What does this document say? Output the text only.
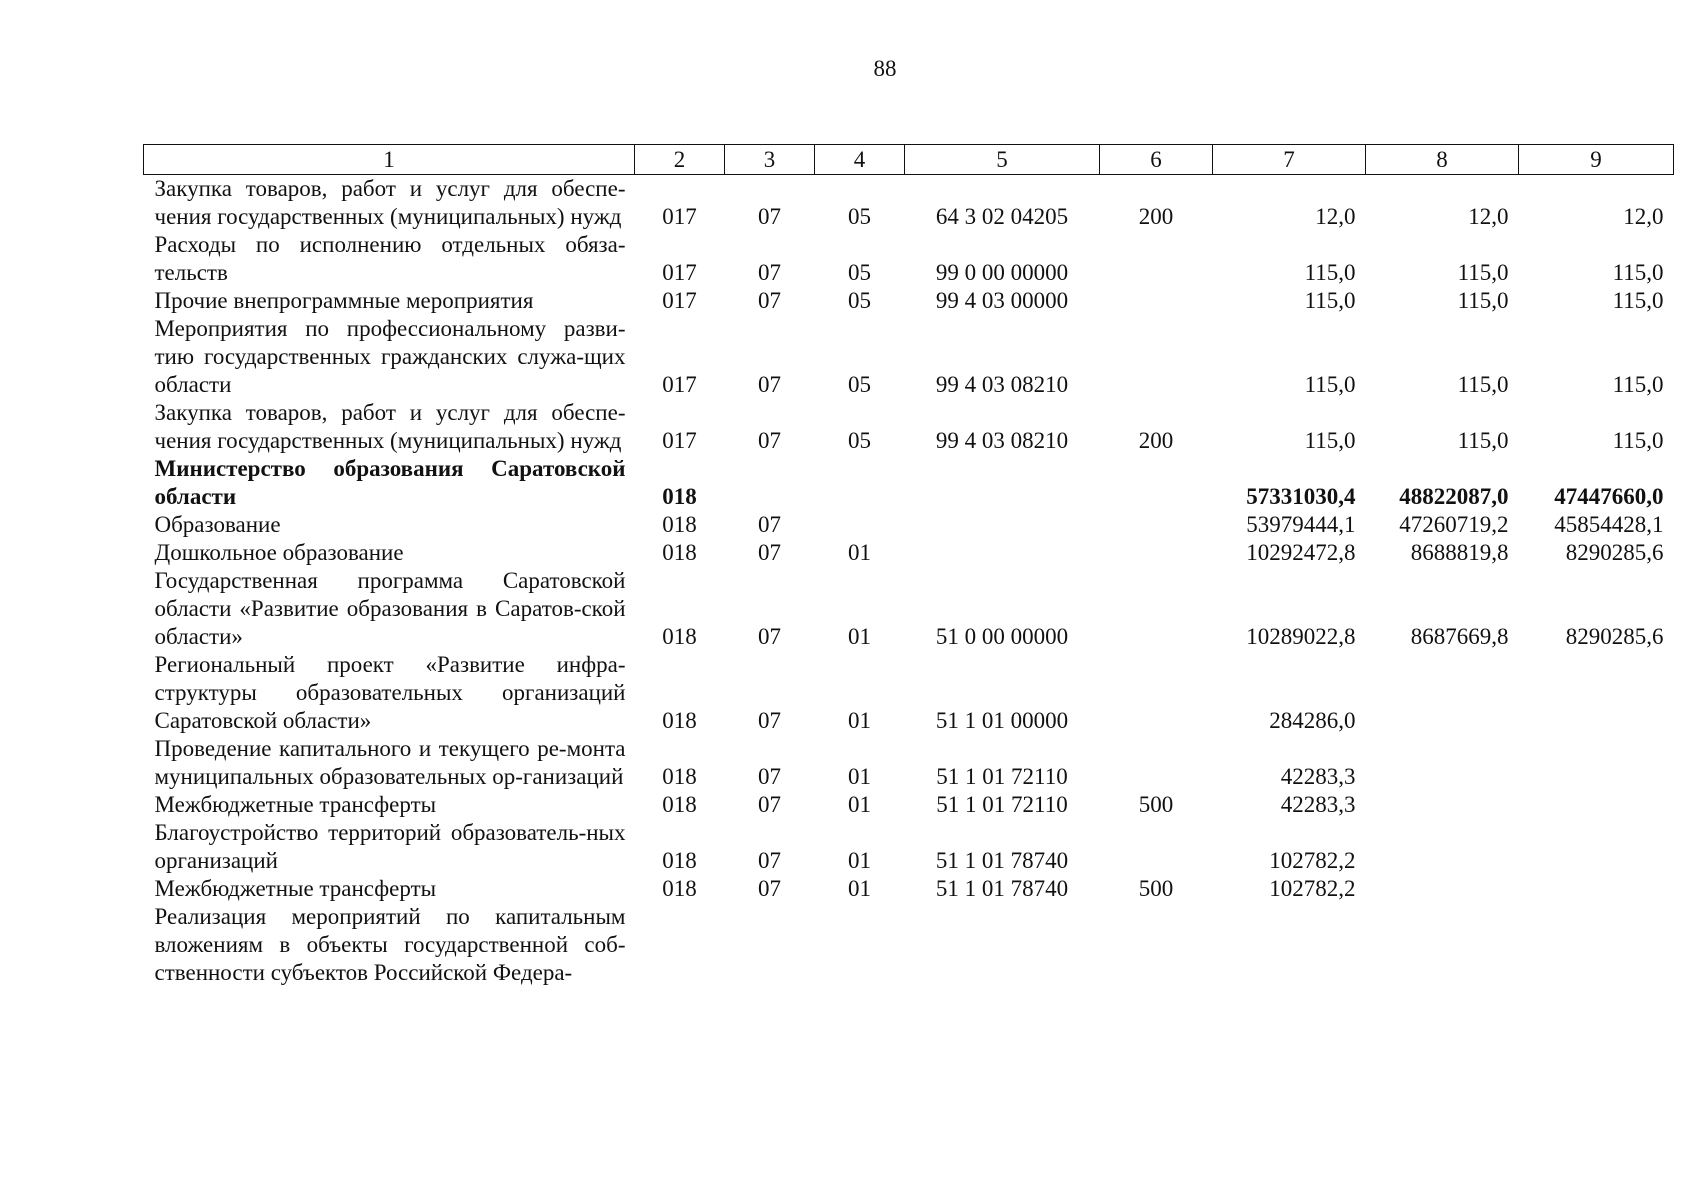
88
1	2	3	4	5	6	7	8	9
Закупка товаров, работ и услуг для обеспе-чения государственных (муниципальных) нужд	017	07	05	64 3 02 04205	200	12,0	12,0	12,0
Расходы по исполнению отдельных обяза-тельств	017	07	05	99 0 00 00000		115,0	115,0	115,0
Прочие внепрограммные мероприятия	017	07	05	99 4 03 00000		115,0	115,0	115,0
Мероприятия по профессиональному разви-тию государственных гражданских служа-щих области	017	07	05	99 4 03 08210		115,0	115,0	115,0
Закупка товаров, работ и услуг для обеспе-чения государственных (муниципальных) нужд	017	07	05	99 4 03 08210	200	115,0	115,0	115,0
Министерство образования Саратовской области	018					57331030,4	48822087,0	47447660,0
Образование	018	07				53979444,1	47260719,2	45854428,1
Дошкольное образование	018	07	01			10292472,8	8688819,8	8290285,6
Государственная программа Саратовской области «Развитие образования в Саратов-ской области»	018	07	01	51 0 00 00000		10289022,8	8687669,8	8290285,6
Региональный проект «Развитие инфра-структуры образовательных организаций Саратовской области»	018	07	01	51 1 01 00000		284286,0		
Проведение капитального и текущего ре-монта муниципальных образовательных ор-ганизаций	018	07	01	51 1 01 72110		42283,3		
Межбюджетные трансферты	018	07	01	51 1 01 72110	500	42283,3		
Благоустройство территорий образователь-ных организаций	018	07	01	51 1 01 78740		102782,2		
Межбюджетные трансферты	018	07	01	51 1 01 78740	500	102782,2		
Реализация мероприятий по капитальным вложениям в объекты государственной соб-ственности субъектов Российской Федера-								
